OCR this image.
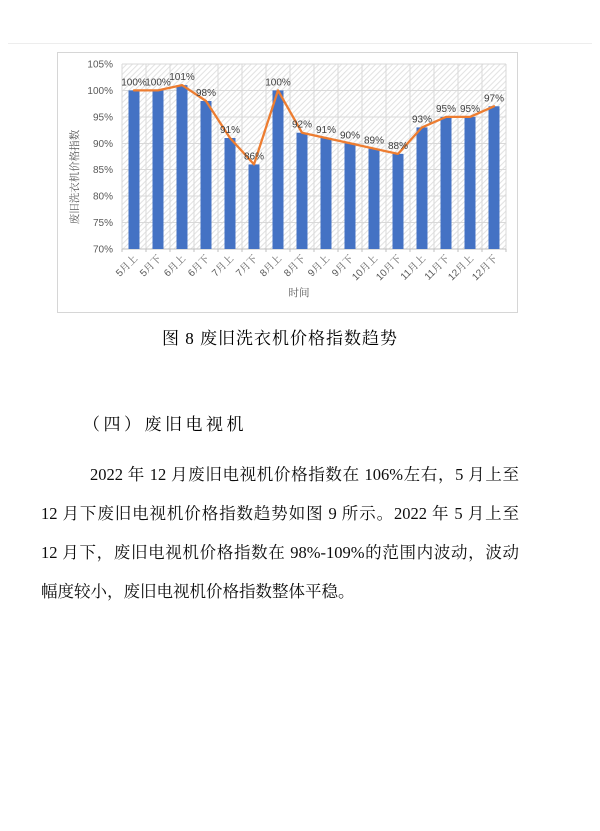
70%
75%
80%
85%
90%
95%
100%
105%
100%
100%
101%
98%
91%
86%
100%
92% 91% 90% 89% 88%
93%
95% 95%
97%
5月上
5月下
6月上
6月下
7月上
7月下
8月上
8月下
9月上
9月下
10月上
10月下
11月上
11月下
12月上
12月下
废旧洗衣机价格指数
时间
图 8 废旧洗衣机价格指数趋势
（四）废旧电视机
2022 年 12 月废旧电视机价格指数在 106%左右，5 月上至
12 月下废旧电视机价格指数趋势如图 9 所示。2022 年 5 月上至
12 月下，废旧电视机价格指数在 98%-109%的范围内波动，波动
幅度较小，废旧电视机价格指数整体平稳。
